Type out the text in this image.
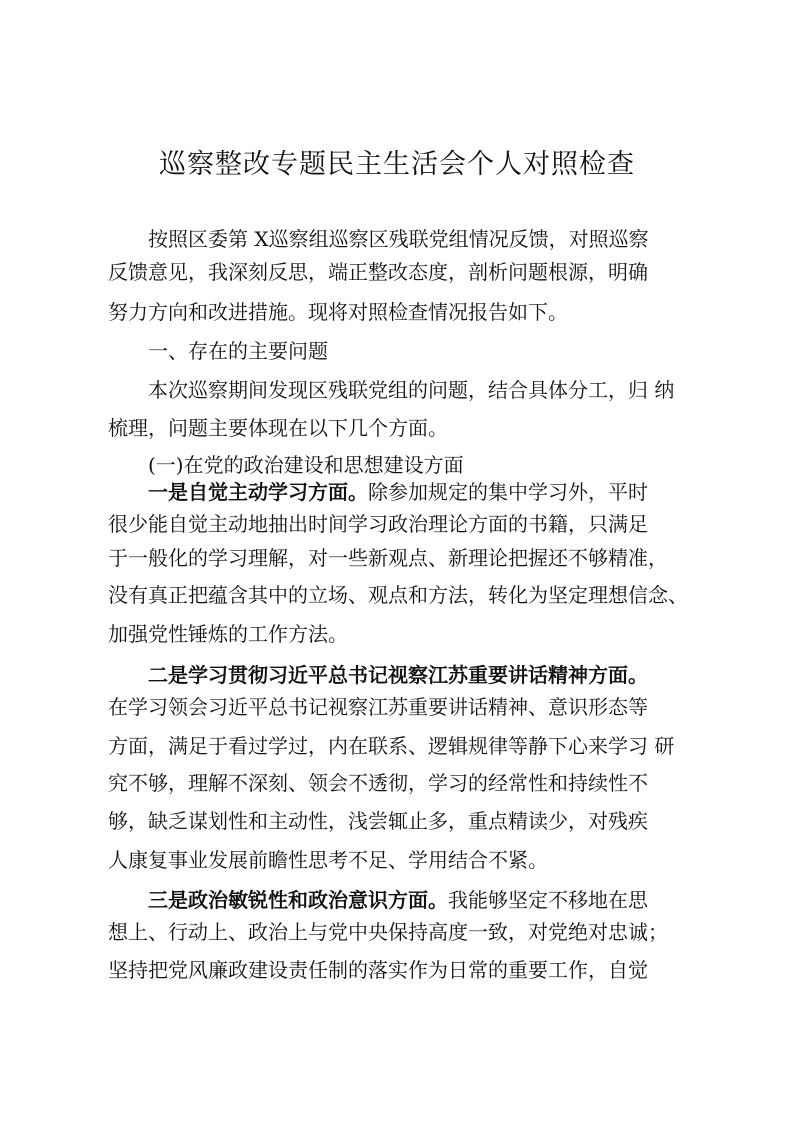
巡察整改专题民主生活会个人对照检查
按照区委第 X巡察组巡察区残联党组情况反馈，对照巡察
反馈意见，我深刻反思，端正整改态度，剖析问题根源，明确
努力方向和改进措施。现将对照检查情况报告如下。
一、存在的主要问题
本次巡察期间发现区残联党组的问题，结合具体分工，归 纳
梳理，问题主要体现在以下几个方面。
(一)在党的政治建设和思想建设方面
一是自觉主动学习方面。除参加规定的集中学习外，平时
很少能自觉主动地抽出时间学习政治理论方面的书籍，只满足
于一般化的学习理解，对一些新观点、新理论把握还不够精准，
没有真正把蕴含其中的立场、观点和方法，转化为坚定理想信念、
加强党性锤炼的工作方法。
二是学习贯彻习近平总书记视察江苏重要讲话精神方面。
在学习领会习近平总书记视察江苏重要讲话精神、意识形态等
方面，满足于看过学过，内在联系、逻辑规律等静下心来学习 研
究不够，理解不深刻、领会不透彻，学习的经常性和持续性不
够，缺乏谋划性和主动性，浅尝辄止多，重点精读少，对残疾
人康复事业发展前瞻性思考不足、学用结合不紧。
三是政治敏锐性和政治意识方面。我能够坚定不移地在思
想上、行动上、政治上与党中央保持高度一致，对党绝对忠诚；
坚持把党风廉政建设责任制的落实作为日常的重要工作，自觉
